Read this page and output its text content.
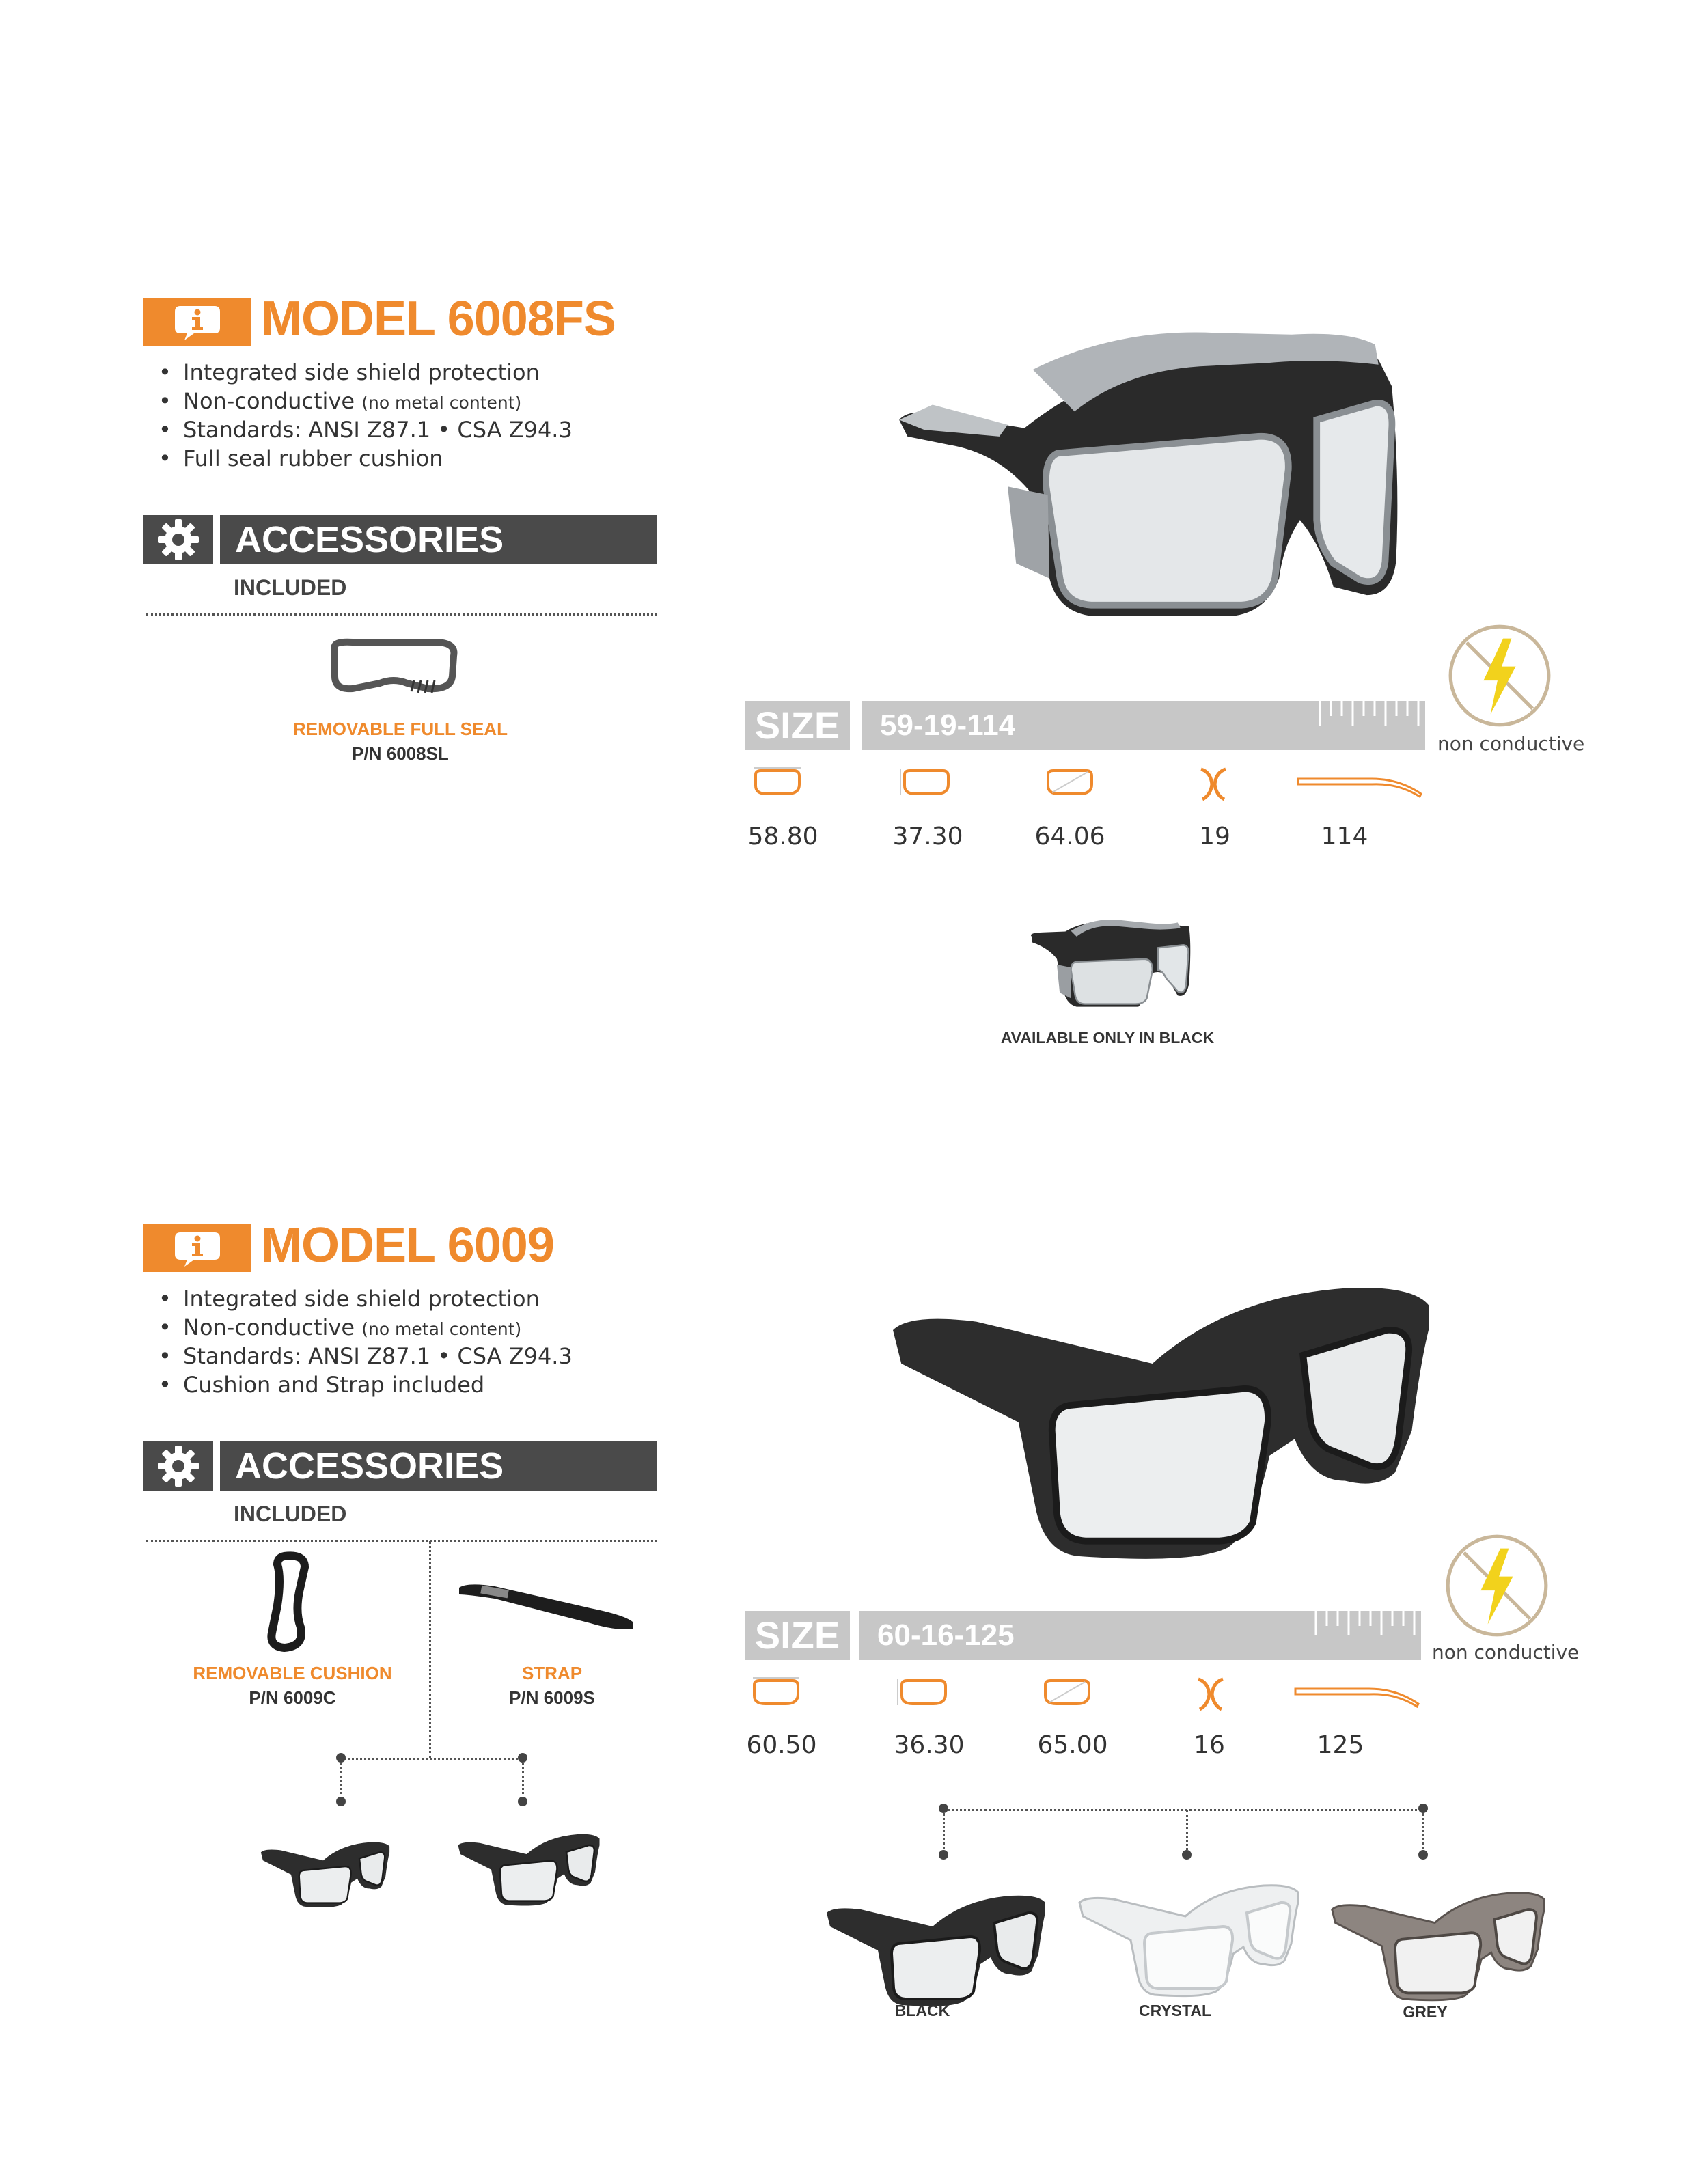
MODEL 6008FS
• Integrated side shield protection
• Non-conductive (no metal content)
• Standards: ANSI Z87.1 • CSA Z94.3
• Full seal rubber cushion
ACCESSORIES
INCLUDED
REMOVABLE FULL SEAL
P/N 6008SL	non conductive
SIZE	59-19-114
58.80	37.30	64.06	19	114
AVAILABLE ONLY IN BLACK
MODEL 6009
• Integrated side shield protection
• Non-conductive (no metal content)
• Standards: ANSI Z87.1 • CSA Z94.3
• Cushion and Strap included
ACCESSORIES
INCLUDED
REMOVABLE CUSHION
P/N 6009C
STRAP
P/N 6009S
non conductive
SIZE	60-16-125
60.50	36.30	65.00	16	125
BLACK	CRYSTAL	GREY
